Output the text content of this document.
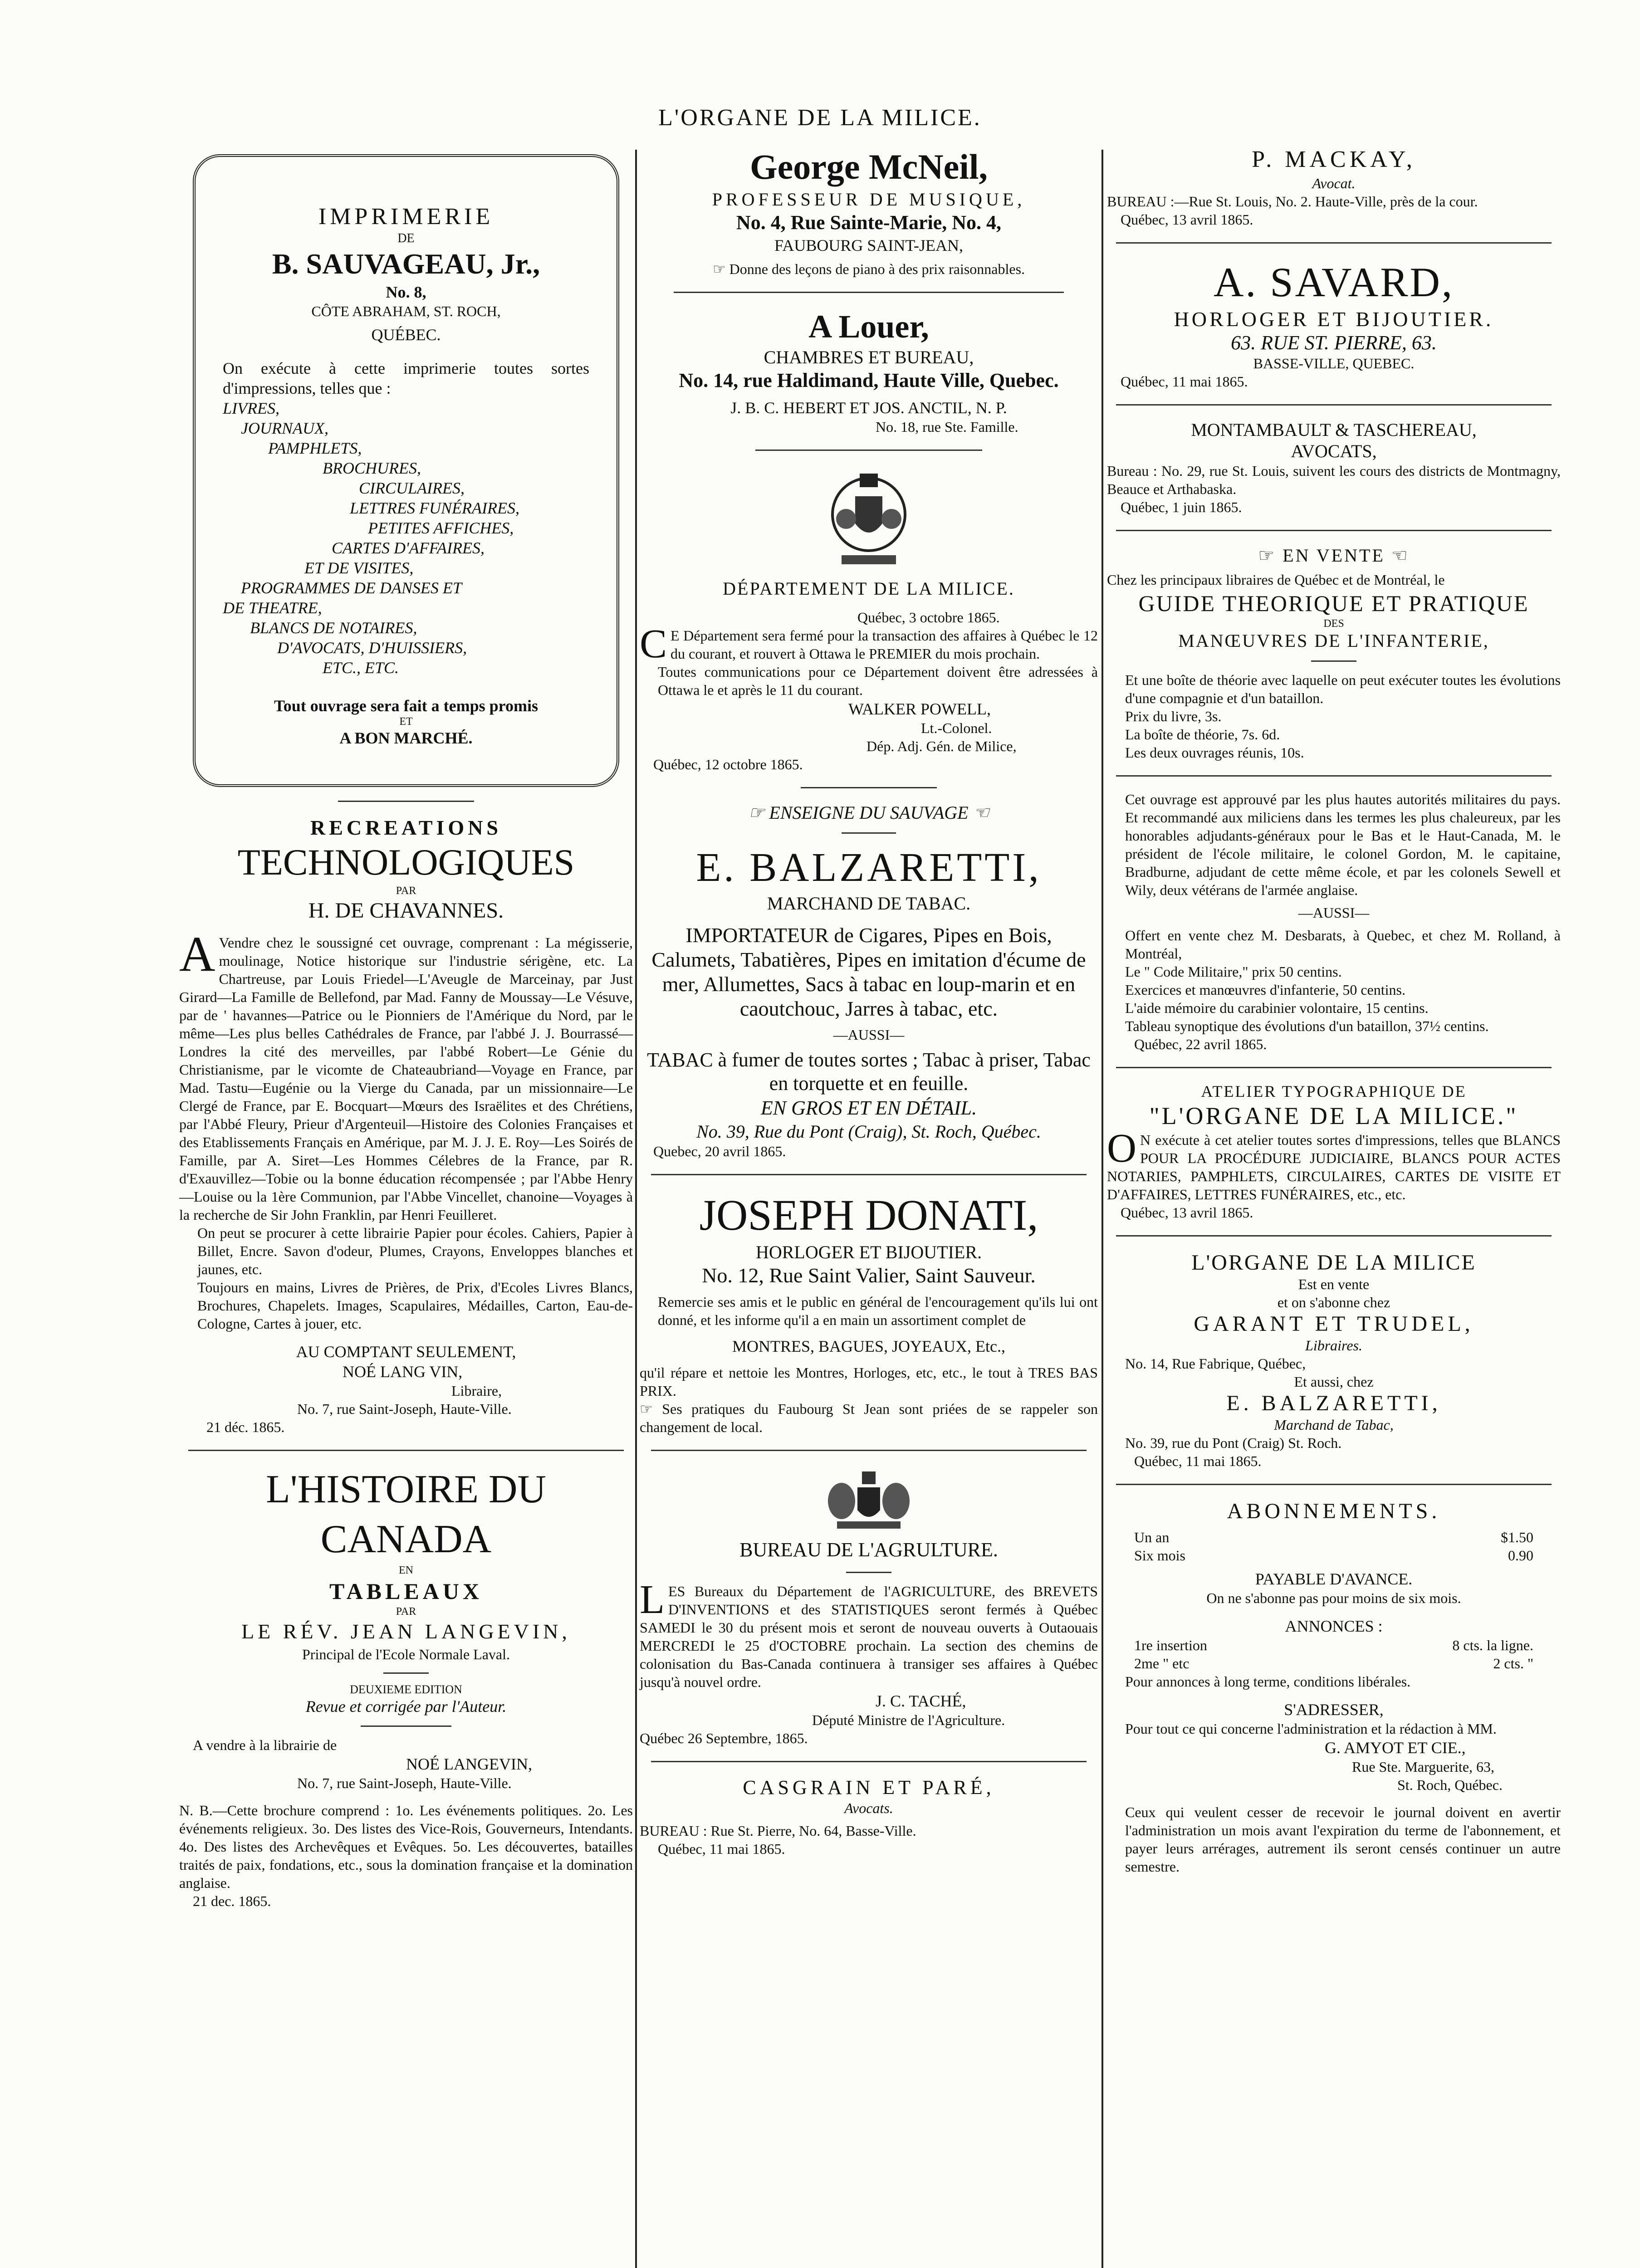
L'ORGANE DE LA MILICE.

IMPRIMERIE

DE

B. SAUVAGEAU, Jr.,

No. 8,

CÔTE ABRAHAM, ST. ROCH,

QUÉBEC.

On exécute à cette imprimerie toutes sortes d'impressions, telles que :

LIVRES,

JOURNAUX,

PAMPHLETS,

BROCHURES,

CIRCULAIRES,

LETTRES FUNÉRAIRES,

PETITES AFFICHES,

CARTES D'AFFAIRES,

ET DE VISITES,

PROGRAMMES DE DANSES ET

DE THEATRE,

BLANCS DE NOTAIRES,

D'AVOCATS, D'HUISSIERS,

ETC., ETC.

Tout ouvrage sera fait a temps promis

ET

A BON MARCHÉ.

RECREATIONS

TECHNOLOGIQUES

PAR

H. DE CHAVANNES.

A Vendre chez le soussigné cet ouvrage, comprenant : La mégisserie, moulinage, Notice historique sur l'industrie sérigène, etc. La Chartreuse, par Louis Friedel—L'Aveugle de Marceinay, par Just Girard—La Famille de Bellefond, par Mad. Fanny de Moussay—Le Vésuve, par de ' havannes—Patrice ou le Pionniers de l'Amérique du Nord, par le même—Les plus belles Cathédrales de France, par l'abbé J. J. Bourrassé—Londres la cité des merveilles, par l'abbé Robert—Le Génie du Christianisme, par le vicomte de Chateaubriand—Voyage en France, par Mad. Tastu—Eugénie ou la Vierge du Canada, par un missionnaire—Le Clergé de France, par E. Bocquart—Mœurs des Israëlites et des Chrétiens, par l'Abbé Fleury, Prieur d'Argenteuil—Histoire des Colonies Françaises et des Etablissements Français en Amérique, par M. J. J. E. Roy—Les Soirés de Famille, par A. Siret—Les Hommes Célebres de la France, par R. d'Exauvillez—Tobie ou la bonne éducation récompensée ; par l'Abbe Henry—Louise ou la 1ère Communion, par l'Abbe Vincellet, chanoine—Voyages à la recherche de Sir John Franklin, par Henri Feuilleret.

On peut se procurer à cette librairie Papier pour écoles. Cahiers, Papier à Billet, Encre. Savon d'odeur, Plumes, Crayons, Enveloppes blanches et jaunes, etc.

Toujours en mains, Livres de Prières, de Prix, d'Ecoles Livres Blancs, Brochures, Chapelets. Images, Scapulaires, Médailles, Carton, Eau-de-Cologne, Cartes à jouer, etc.

AU COMPTANT SEULEMENT,

NOÉ LANG VIN,

Libraire,

No. 7, rue Saint-Joseph, Haute-Ville.

21 déc. 1865.

L'HISTOIRE DU CANADA

EN

TABLEAUX

PAR

LE RÉV. JEAN LANGEVIN,

Principal de l'Ecole Normale Laval.

DEUXIEME EDITION

Revue et corrigée par l'Auteur.

A vendre à la librairie de

NOÉ LANGEVIN,

No. 7, rue Saint-Joseph, Haute-Ville.

N. B.—Cette brochure comprend : 1o. Les événements politiques. 2o. Les événements religieux. 3o. Des listes des Vice-Rois, Gouverneurs, Intendants. 4o. Des listes des Archevêques et Evêques. 5o. Les découvertes, batailles traités de paix, fondations, etc., sous la domination française et la domination anglaise.

21 dec. 1865.

George McNeil,

PROFESSEUR DE MUSIQUE,

No. 4, Rue Sainte-Marie, No. 4,

FAUBOURG SAINT-JEAN,

☞ Donne des leçons de piano à des prix raisonnables.

A Louer,

CHAMBRES ET BUREAU,

No. 14, rue Haldimand, Haute Ville, Quebec.

J. B. C. HEBERT ET JOS. ANCTIL, N. P.

No. 18, rue Ste. Famille.

DÉPARTEMENT DE LA MILICE.

Québec, 3 octobre 1865.

C E Département sera fermé pour la transaction des affaires à Québec le 12 du courant, et rouvert à Ottawa le PREMIER du mois prochain.

Toutes communications pour ce Département doivent être adressées à Ottawa le et après le 11 du courant.

WALKER POWELL,

Lt.-Colonel.

Dép. Adj. Gén. de Milice,

Québec, 12 octobre 1865.

☞ ENSEIGNE DU SAUVAGE ☜

E. BALZARETTI,

MARCHAND DE TABAC.

IMPORTATEUR de Cigares, Pipes en Bois, Calumets, Tabatières, Pipes en imitation d'écume de mer, Allumettes, Sacs à tabac en loup-marin et en caoutchouc, Jarres à tabac, etc.

—AUSSI—

TABAC à fumer de toutes sortes ; Tabac à priser, Tabac en torquette et en feuille.

EN GROS ET EN DÉTAIL.

No. 39, Rue du Pont (Craig), St. Roch, Québec.

Quebec, 20 avril 1865.

JOSEPH DONATI,

HORLOGER ET BIJOUTIER.

No. 12, Rue Saint Valier, Saint Sauveur.

Remercie ses amis et le public en général de l'encouragement qu'ils lui ont donné, et les informe qu'il a en main un assortiment complet de

MONTRES, BAGUES, JOYEAUX, Etc.,

qu'il répare et nettoie les Montres, Horloges, etc, etc., le tout à TRES BAS PRIX.

☞ Ses pratiques du Faubourg St Jean sont priées de se rappeler son changement de local.

BUREAU DE L'AGRULTURE.

LES Bureaux du Département de l'AGRICULTURE, des BREVETS D'INVENTIONS et des STATISTIQUES seront fermés à Québec SAMEDI le 30 du présent mois et seront de nouveau ouverts à Outaouais MERCREDI le 25 d'OCTOBRE prochain. La section des chemins de colonisation du Bas-Canada continuera à transiger ses affaires à Québec jusqu'à nouvel ordre.

J. C. TACHÉ,

Député Ministre de l'Agriculture.

Québec 26 Septembre, 1865.

CASGRAIN ET PARÉ,

Avocats.

BUREAU : Rue St. Pierre, No. 64, Basse-Ville.

Québec, 11 mai 1865.

P. MACKAY,

Avocat.

BUREAU :—Rue St. Louis, No. 2. Haute-Ville, près de la cour.

Québec, 13 avril 1865.

A. SAVARD,

HORLOGER ET BIJOUTIER.

63. RUE ST. PIERRE, 63.

BASSE-VILLE, QUEBEC.

Québec, 11 mai 1865.

MONTAMBAULT & TASCHEREAU,

AVOCATS,

Bureau : No. 29, rue St. Louis, suivent les cours des districts de Montmagny, Beauce et Arthabaska.

Québec, 1 juin 1865.

☞ EN VENTE ☜

Chez les principaux libraires de Québec et de Montréal, le

GUIDE THEORIQUE ET PRATIQUE

DES

MANŒUVRES DE L'INFANTERIE,

Et une boîte de théorie avec laquelle on peut exécuter toutes les évolutions d'une compagnie et d'un bataillon.

Prix du livre, 3s.

La boîte de théorie, 7s. 6d.

Les deux ouvrages réunis, 10s.

Cet ouvrage est approuvé par les plus hautes autorités militaires du pays. Et recommandé aux miliciens dans les termes les plus chaleureux, par les honorables adjudants-généraux pour le Bas et le Haut-Canada, M. le président de l'école militaire, le colonel Gordon, M. le capitaine, Bradburne, adjudant de cette même école, et par les colonels Sewell et Wily, deux vétérans de l'armée anglaise.

—AUSSI—

Offert en vente chez M. Desbarats, à Quebec, et chez M. Rolland, à Montréal,

Le " Code Militaire," prix 50 centins.

Exercices et manœuvres d'infanterie, 50 centins.

L'aide mémoire du carabinier volontaire, 15 centins.

Tableau synoptique des évolutions d'un bataillon, 37½ centins.

Québec, 22 avril 1865.

ATELIER TYPOGRAPHIQUE DE

"L'ORGANE DE LA MILICE."

O N exécute à cet atelier toutes sortes d'impressions, telles que BLANCS POUR LA PROCÉDURE JUDICIAIRE, BLANCS POUR ACTES NOTARIES, PAMPHLETS, CIRCULAIRES, CARTES DE VISITE ET D'AFFAIRES, LETTRES FUNÉRAIRES, etc., etc.

Québec, 13 avril 1865.

L'ORGANE DE LA MILICE

Est en vente

et on s'abonne chez

GARANT ET TRUDEL,

Libraires.

No. 14, Rue Fabrique, Québec,

Et aussi, chez

E. BALZARETTI,

Marchand de Tabac,

No. 39, rue du Pont (Craig) St. Roch.

Québec, 11 mai 1865.

ABONNEMENTS.

Un an	$1.50
Six mois	0.90

PAYABLE D'AVANCE.

On ne s'abonne pas pour moins de six mois.

ANNONCES :

1re insertion	8 cts. la ligne.
2me " etc	2 cts. "

Pour annonces à long terme, conditions libérales.

S'ADRESSER,

Pour tout ce qui concerne l'administration et la rédaction à MM.

G. AMYOT ET CIE.,

Rue Ste. Marguerite, 63,

St. Roch, Québec.

Ceux qui veulent cesser de recevoir le journal doivent en avertir l'administration un mois avant l'expiration du terme de l'abonnement, et payer leurs arrérages, autrement ils seront censés continuer un autre semestre.
